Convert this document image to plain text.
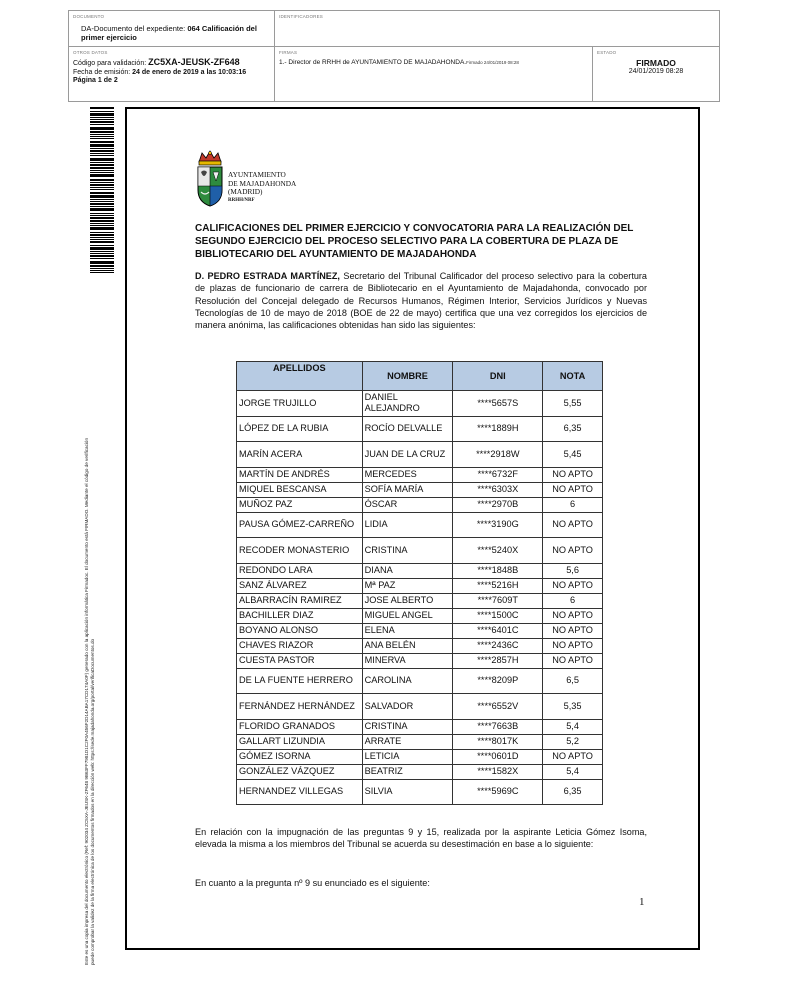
DOCUMENTO
DA-Documento del expediente: 064 Calificación del primer ejercicio
IDENTIFICADORES
OTROS DATOS
Código para validación: ZC5XA-JEUSK-ZF648
Fecha de emisión: 24 de enero de 2019 a las 10:03:16
Página 1 de 2
FIRMAS
1.- Director de RRHH de AYUNTAMIENTO DE MAJADAHONDA.Firmado 24/01/2019 08:28
ESTADO
FIRMADO
24/01/2019 08:28
Este es una copia impresa del documento electrónico (Ref: 902034 ZC5XA-JEUSK-ZF648 9B63FF7981D1C2F0A456F2D14ABA17CD174A0F) generado con la aplicación informática Firmadoc. El documento está FIRMADO. Mediante el código de verificación puede comprobar la validez de la firma electrónica de los documentos firmados en la dirección web: https://sede.majadahonda.org/portal/verificaDocumentos.do
AYUNTAMIENTO
DE MAJADAHONDA
(MADRID)
RRHH/NRF
CALIFICACIONES DEL PRIMER EJERCICIO Y CONVOCATORIA PARA LA REALIZACIÓN DEL SEGUNDO EJERCICIO DEL PROCESO SELECTIVO PARA LA COBERTURA DE PLAZA DE BIBLIOTECARIO DEL AYUNTAMIENTO DE MAJADAHONDA
D. PEDRO ESTRADA MARTÍNEZ, Secretario del Tribunal Calificador del proceso selectivo para la cobertura de plazas de funcionario de carrera de Bibliotecario en el Ayuntamiento de Majadahonda, convocado por Resolución del Concejal delegado de Recursos Humanos, Régimen Interior, Servicios Jurídicos y Nuevas Tecnologías de 10 de mayo de 2018 (BOE de 22 de mayo) certifica que una vez corregidos los ejercicios de manera anónima, las calificaciones obtenidas han sido las siguientes:
APELLIDOS	NOMBRE	DNI	NOTA
JORGE TRUJILLO	DANIEL ALEJANDRO	****5657S	5,55
LÓPEZ DE LA RUBIA	ROCÍO DELVALLE	****1889H	6,35
MARÍN ACERA	JUAN DE LA CRUZ	****2918W	5,45
MARTÍN DE ANDRÉS	MERCEDES	****6732F	NO APTO
MIQUEL BESCANSA	SOFÍA MARÍA	****6303X	NO APTO
MUÑOZ PAZ	ÓSCAR	****2970B	6
PAUSA GÓMEZ-CARREÑO	LIDIA	****3190G	NO APTO
RECODER MONASTERIO	CRISTINA	****5240X	NO APTO
REDONDO LARA	DIANA	****1848B	5,6
SANZ ÁLVAREZ	Mª PAZ	****5216H	NO APTO
ALBARRACÍN RAMIREZ	JOSE ALBERTO	****7609T	6
BACHILLER DIAZ	MIGUEL ANGEL	****1500C	NO APTO
BOYANO ALONSO	ELENA	****6401C	NO APTO
CHAVES RIAZOR	ANA BELÉN	****2436C	NO APTO
CUESTA PASTOR	MINERVA	****2857H	NO APTO
DE LA FUENTE HERRERO	CAROLINA	****8209P	6,5
FERNÁNDEZ HERNÁNDEZ	SALVADOR	****6552V	5,35
FLORIDO GRANADOS	CRISTINA	****7663B	5,4
GALLART LIZUNDIA	ARRATE	****8017K	5,2
GÓMEZ ISORNA	LETICIA	****0601D	NO APTO
GONZÁLEZ VÁZQUEZ	BEATRIZ	****1582X	5,4
HERNANDEZ VILLEGAS	SILVIA	****5969C	6,35
En relación con la impugnación de las preguntas 9 y 15, realizada por la aspirante Leticia Gómez Isoma, elevada la misma a los miembros del Tribunal se acuerda su desestimación en base a lo siguiente:
En cuanto a la pregunta nº 9 su enunciado es el siguiente:
1
